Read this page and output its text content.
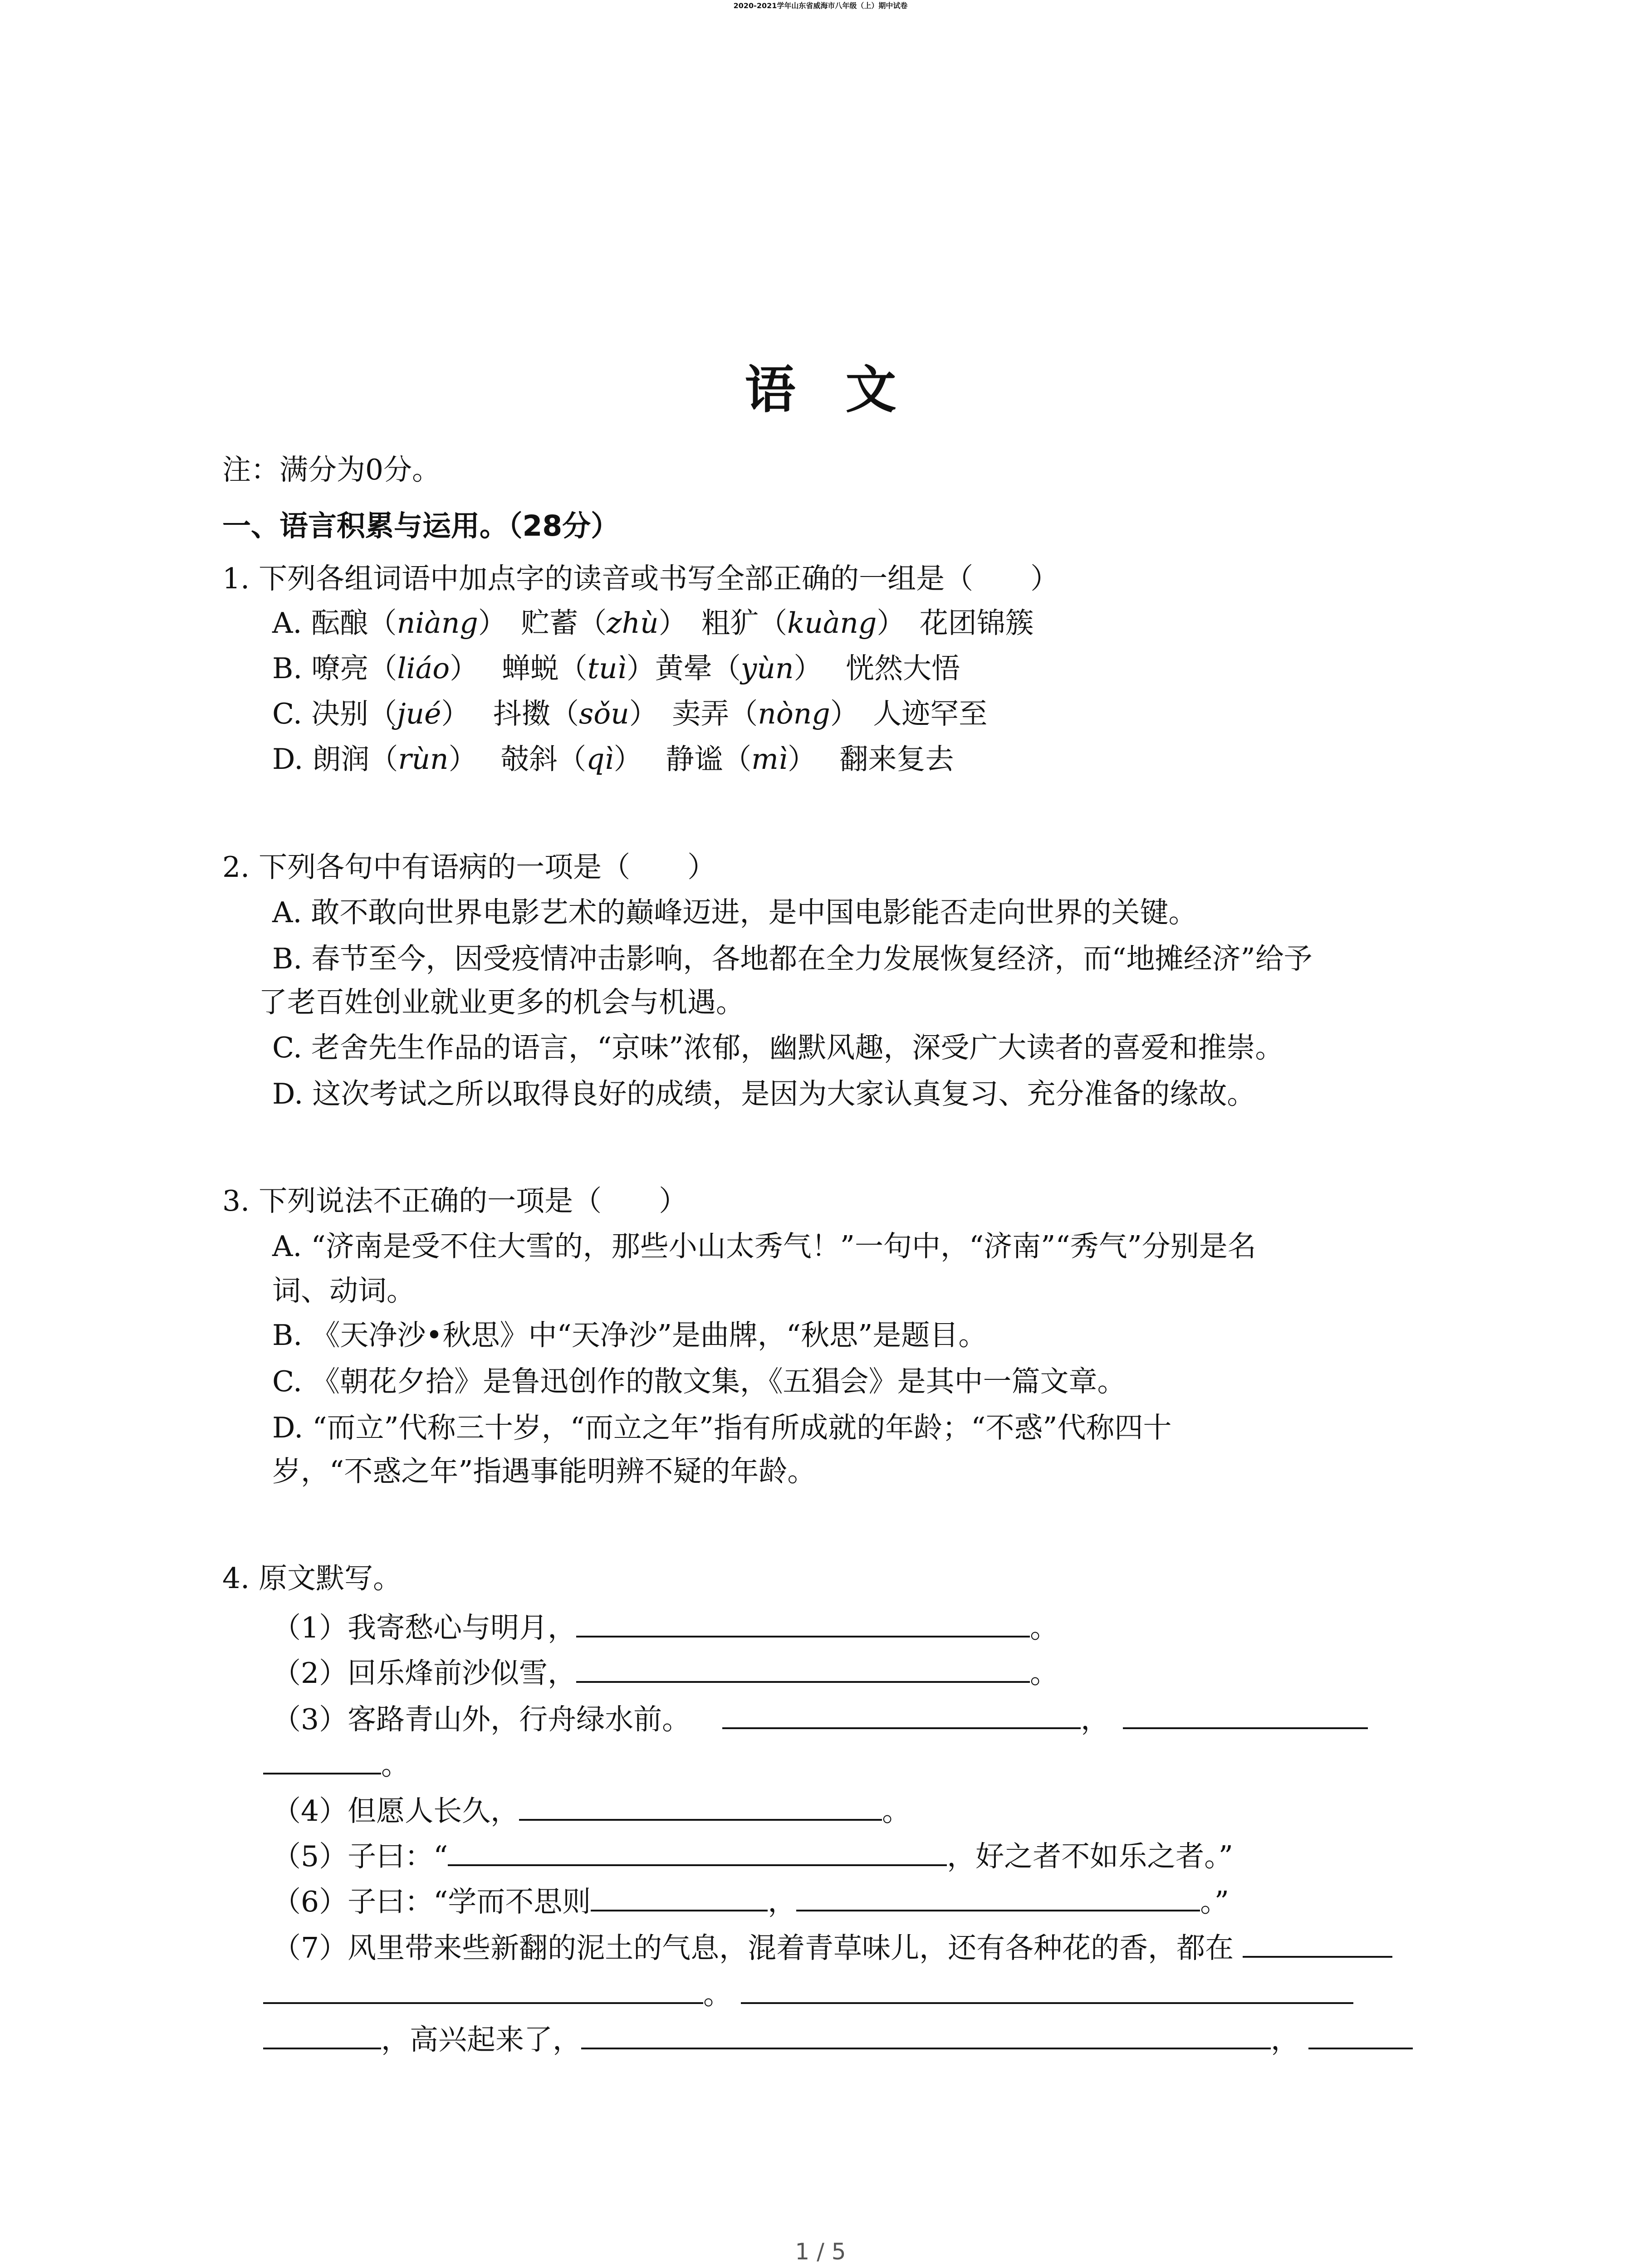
2020-2021学年山东省威海市八年级（上）期中试卷
语文
注：满分为0分。
一、语言积累与运用。（28分）
1. 下列各组词语中加点字的读音或书写全部正确的一组是（　　）
A. 酝酿（niàng）　贮蓄（zhù）　粗犷（kuàng）　花团锦簇
B. 嘹亮（liáo）　 蝉蜕（tuì）黄晕（yùn）　 恍然大悟
C. 决别（jué）　 抖擞（sǒu）　卖弄（nòng）　人迹罕至
D. 朗润（rùn）　 攲斜（qì）　 静谧（mì）　 翻来复去
2. 下列各句中有语病的一项是（　　）
A. 敢不敢向世界电影艺术的巅峰迈进，是中国电影能否走向世界的关键。
B. 春节至今，因受疫情冲击影响，各地都在全力发展恢复经济，而“地摊经济”给予
了老百姓创业就业更多的机会与机遇。
C. 老舍先生作品的语言，“京味”浓郁，幽默风趣，深受广大读者的喜爱和推崇。
D. 这次考试之所以取得良好的成绩，是因为大家认真复习、充分准备的缘故。
3. 下列说法不正确的一项是（　　）
A. “济南是受不住大雪的，那些小山太秀气！”一句中，“济南”“秀气”分别是名
词、动词。
B. 《天净沙•秋思》中“天净沙”是曲牌，“秋思”是题目。
C. 《朝花夕拾》是鲁迅创作的散文集，《五猖会》是其中一篇文章。
D. “而立”代称三十岁，“而立之年”指有所成就的年龄；“不惑”代称四十
岁，“不惑之年”指遇事能明辨不疑的年龄。
4. 原文默写。
（1）我寄愁心与明月，	。
（2）回乐烽前沙似雪，	。
（3）客路青山外，行舟绿水前。	，
。
（4）但愿人长久，	。
（5）子曰：“	，好之者不如乐之者。”
（6）子曰：“学而不思则	，	。”
（7）风里带来些新翻的泥土的气息，混着青草味儿，还有各种花的香，都在
。
，高兴起来了，	，
1 / 5
